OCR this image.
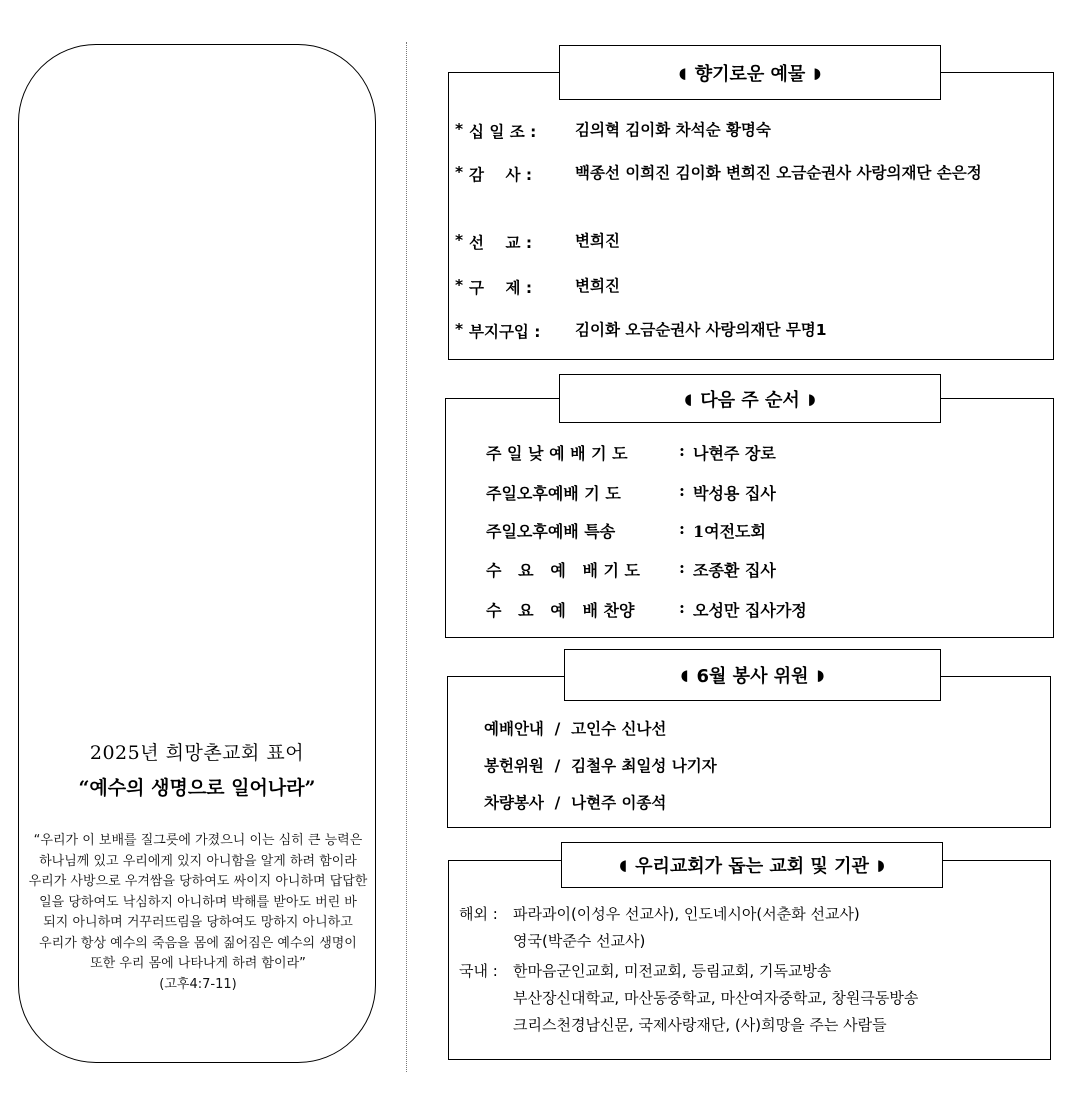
2025년 희망촌교회 표어
“예수의 생명으로 일어나라”
“우리가 이 보배를 질그릇에 가졌으니 이는 심히 큰 능력은 하나님께 있고 우리에게 있지 아니함을 알게 하려 함이라 우리가 사방으로 우겨쌈을 당하여도 싸이지 아니하며 답답한 일을 당하여도 낙심하지 아니하며 박해를 받아도 버린 바 되지 아니하며 거꾸러뜨림을 당하여도 망하지 아니하고 우리가 항상 예수의 죽음을 몸에 짊어짐은 예수의 생명이 또한 우리 몸에 나타나게 하려 함이라”
(고후4:7-11)
* 십 일 조 :	김의혁 김이화 차석순 황명숙
* 감    사 :	백종선 이희진 김이화 변희진 오금순권사 사랑의재단 손은정
* 선    교 :	변희진
* 구    제 :	변희진
* 부지구입 :	김이화 오금순권사 사랑의재단 무명1
◖ 향기로운 예물 ◗
주 일 낮 예 배 기 도	: 나현주 장로
주일오후예배 기 도	: 박성용 집사
주일오후예배 특송	: 1여전도회
수   요   예   배 기 도	: 조종환 집사
수   요   예   배 찬양	: 오성만 집사가정
◖ 다음 주 순서 ◗
예배안내  /  고인수 신나선
봉헌위원  /  김철우 최일성 나기자
차량봉사  /  나현주 이종석
◖ 6월 봉사 위원 ◗
해외 :	파라과이(이성우 선교사), 인도네시아(서춘화 선교사)
영국(박준수 선교사)
국내 :	한마음군인교회, 미전교회, 등림교회, 기독교방송
부산장신대학교, 마산동중학교, 마산여자중학교, 창원극동방송
크리스천경남신문, 국제사랑재단, (사)희망을 주는 사람들
◖ 우리교회가 돕는 교회 및 기관 ◗
